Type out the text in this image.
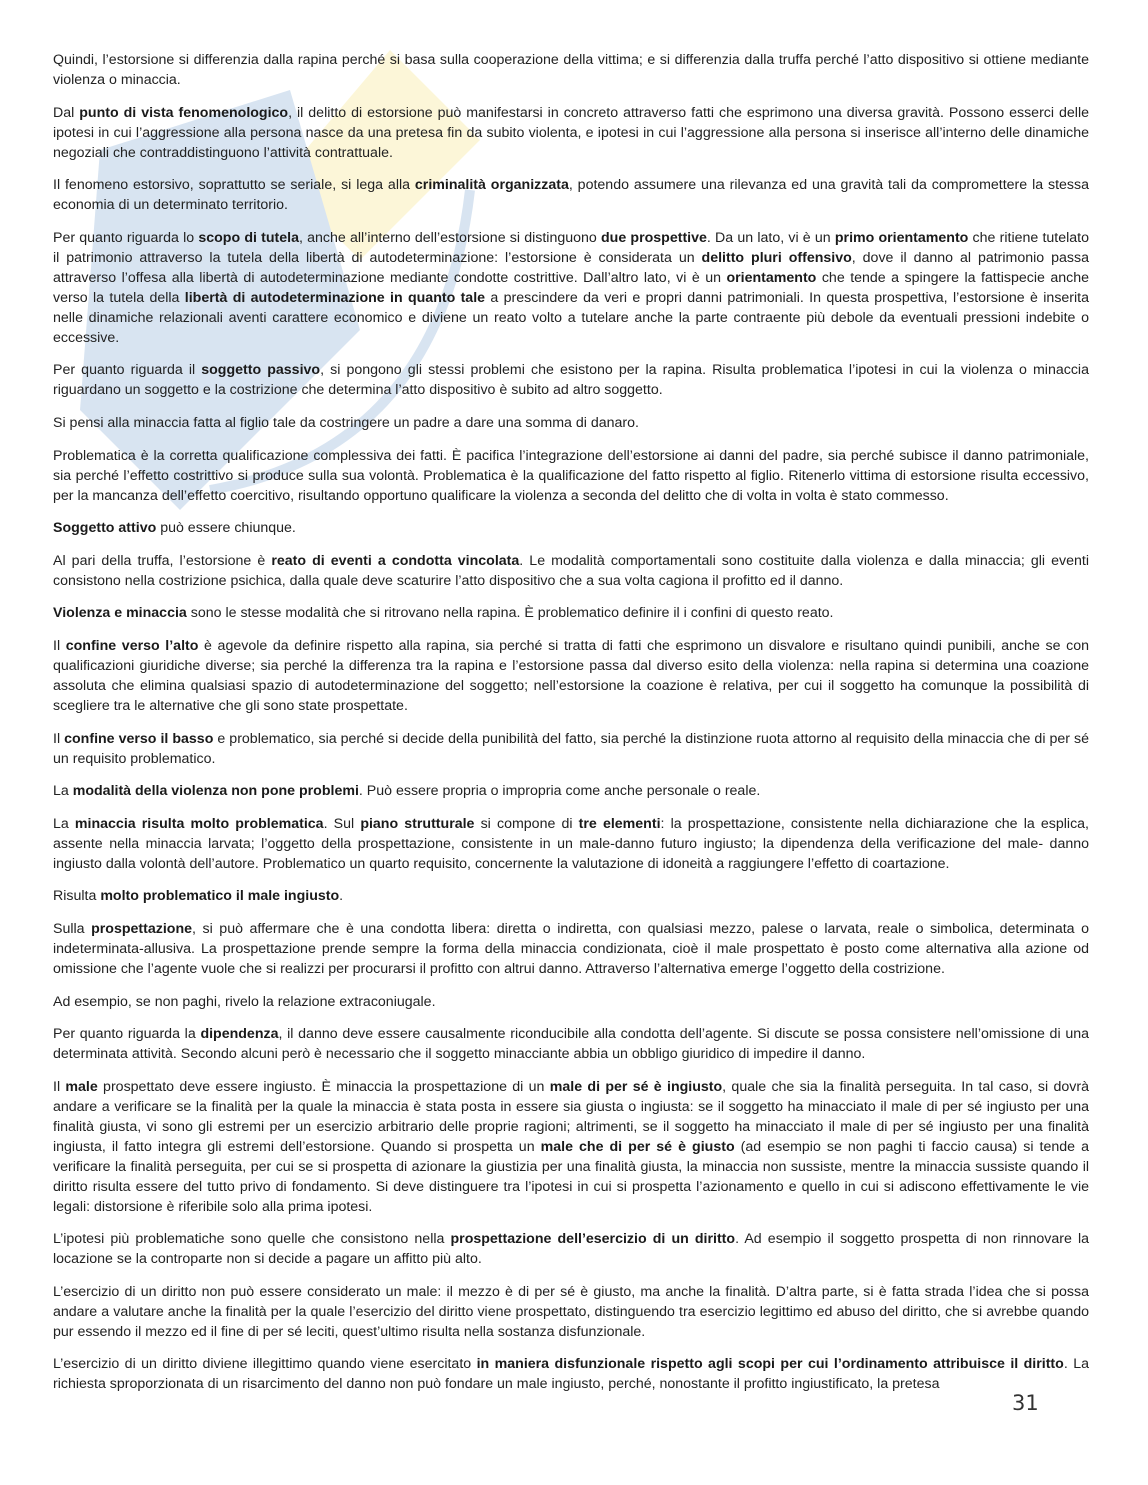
Quindi, l’estorsione si differenzia dalla rapina perché si basa sulla cooperazione della vittima; e si differenzia dalla truffa perché l’atto dispositivo si ottiene mediante violenza o minaccia.

Dal punto di vista fenomenologico, il delitto di estorsione può manifestarsi in concreto attraverso fatti che esprimono una diversa gravità. Possono esserci delle ipotesi in cui l’aggressione alla persona nasce da una pretesa fin da subito violenta, e ipotesi in cui l’aggressione alla persona si inserisce all’interno delle dinamiche negoziali che contraddistinguono l’attività contrattuale.

Il fenomeno estorsivo, soprattutto se seriale, si lega alla criminalità organizzata, potendo assumere una rilevanza ed una gravità tali da compromettere la stessa economia di un determinato territorio.

Per quanto riguarda lo scopo di tutela, anche all’interno dell’estorsione si distinguono due prospettive. Da un lato, vi è un primo orientamento che ritiene tutelato il patrimonio attraverso la tutela della libertà di autodeterminazione: l’estorsione è considerata un delitto pluri offensivo, dove il danno al patrimonio passa attraverso l’offesa alla libertà di autodeterminazione mediante condotte costrittive. Dall’altro lato, vi è un orientamento che tende a spingere la fattispecie anche verso la tutela della libertà di autodeterminazione in quanto tale a prescindere da veri e propri danni patrimoniali. In questa prospettiva, l’estorsione è inserita nelle dinamiche relazionali aventi carattere economico e diviene un reato volto a tutelare anche la parte contraente più debole da eventuali pressioni indebite o eccessive.

Per quanto riguarda il soggetto passivo, si pongono gli stessi problemi che esistono per la rapina. Risulta problematica l’ipotesi in cui la violenza o minaccia riguardano un soggetto e la costrizione che determina l’atto dispositivo è subito ad altro soggetto.

Si pensi alla minaccia fatta al figlio tale da costringere un padre a dare una somma di danaro.

Problematica è la corretta qualificazione complessiva dei fatti. È pacifica l’integrazione dell’estorsione ai danni del padre, sia perché subisce il danno patrimoniale, sia perché l’effetto costrittivo si produce sulla sua volontà. Problematica è la qualificazione del fatto rispetto al figlio. Ritenerlo vittima di estorsione risulta eccessivo, per la mancanza dell’effetto coercitivo, risultando opportuno qualificare la violenza a seconda del delitto che di volta in volta è stato commesso.

Soggetto attivo può essere chiunque.

Al pari della truffa, l’estorsione è reato di eventi a condotta vincolata. Le modalità comportamentali sono costituite dalla violenza e dalla minaccia; gli eventi consistono nella costrizione psichica, dalla quale deve scaturire l’atto dispositivo che a sua volta cagiona il profitto ed il danno.

Violenza e minaccia sono le stesse modalità che si ritrovano nella rapina. È problematico definire il i confini di questo reato.

Il confine verso l’alto è agevole da definire rispetto alla rapina, sia perché si tratta di fatti che esprimono un disvalore e risultano quindi punibili, anche se con qualificazioni giuridiche diverse; sia perché la differenza tra la rapina e l’estorsione passa dal diverso esito della violenza: nella rapina si determina una coazione assoluta che elimina qualsiasi spazio di autodeterminazione del soggetto; nell’estorsione la coazione è relativa, per cui il soggetto ha comunque la possibilità di scegliere tra le alternative che gli sono state prospettate.

Il confine verso il basso e problematico, sia perché si decide della punibilità del fatto, sia perché la distinzione ruota attorno al requisito della minaccia che di per sé un requisito problematico.

La modalità della violenza non pone problemi. Può essere propria o impropria come anche personale o reale.

La minaccia risulta molto problematica. Sul piano strutturale si compone di tre elementi: la prospettazione, consistente nella dichiarazione che la esplica, assente nella minaccia larvata; l’oggetto della prospettazione, consistente in un male-danno futuro ingiusto; la dipendenza della verificazione del male- danno ingiusto dalla volontà dell’autore. Problematico un quarto requisito, concernente la valutazione di idoneità a raggiungere l’effetto di coartazione.

Risulta molto problematico il male ingiusto.

Sulla prospettazione, si può affermare che è una condotta libera: diretta o indiretta, con qualsiasi mezzo, palese o larvata, reale o simbolica, determinata o indeterminata-allusiva. La prospettazione prende sempre la forma della minaccia condizionata, cioè il male prospettato è posto come alternativa alla azione od omissione che l’agente vuole che si realizzi per procurarsi il profitto con altrui danno. Attraverso l’alternativa emerge l’oggetto della costrizione.

Ad esempio, se non paghi, rivelo la relazione extraconiugale.

Per quanto riguarda la dipendenza, il danno deve essere causalmente riconducibile alla condotta dell’agente. Si discute se possa consistere nell’omissione di una determinata attività. Secondo alcuni però è necessario che il soggetto minacciante abbia un obbligo giuridico di impedire il danno.

Il male prospettato deve essere ingiusto. È minaccia la prospettazione di un male di per sé è ingiusto, quale che sia la finalità perseguita. In tal caso, si dovrà andare a verificare se la finalità per la quale la minaccia è stata posta in essere sia giusta o ingiusta: se il soggetto ha minacciato il male di per sé ingiusto per una finalità giusta, vi sono gli estremi per un esercizio arbitrario delle proprie ragioni; altrimenti, se il soggetto ha minacciato il male di per sé ingiusto per una finalità ingiusta, il fatto integra gli estremi dell’estorsione. Quando si prospetta un male che di per sé è giusto (ad esempio se non paghi ti faccio causa) si tende a verificare la finalità perseguita, per cui se si prospetta di azionare la giustizia per una finalità giusta, la minaccia non sussiste, mentre la minaccia sussiste quando il diritto risulta essere del tutto privo di fondamento. Si deve distinguere tra l’ipotesi in cui si prospetta l’azionamento e quello in cui si adiscono effettivamente le vie legali: distorsione è riferibile solo alla prima ipotesi.

L’ipotesi più problematiche sono quelle che consistono nella prospettazione dell’esercizio di un diritto. Ad esempio il soggetto prospetta di non rinnovare la locazione se la controparte non si decide a pagare un affitto più alto.

L’esercizio di un diritto non può essere considerato un male: il mezzo è di per sé è giusto, ma anche la finalità. D’altra parte, si è fatta strada l’idea che si possa andare a valutare anche la finalità per la quale l’esercizio del diritto viene prospettato, distinguendo tra esercizio legittimo ed abuso del diritto, che si avrebbe quando pur essendo il mezzo ed il fine di per sé leciti, quest’ultimo risulta nella sostanza disfunzionale.

L’esercizio di un diritto diviene illegittimo quando viene esercitato in maniera disfunzionale rispetto agli scopi per cui l’ordinamento attribuisce il diritto. La richiesta sproporzionata di un risarcimento del danno non può fondare un male ingiusto, perché, nonostante il profitto ingiustificato, la pretesa

31
